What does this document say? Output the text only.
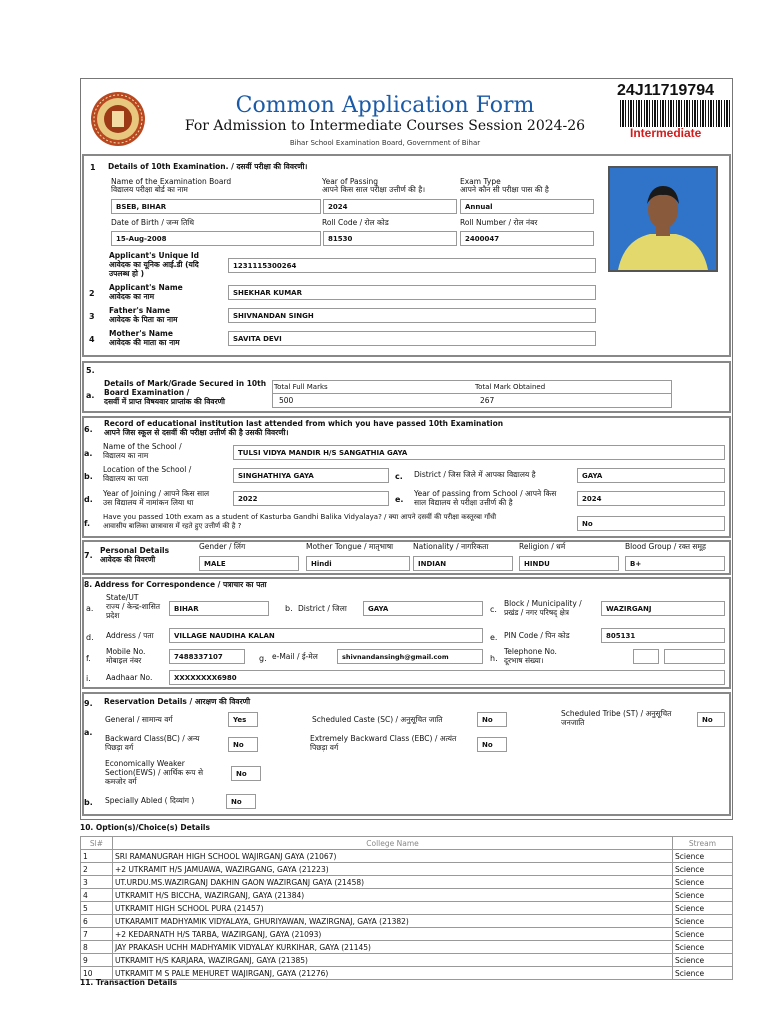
Common Application Form
For Admission to Intermediate Courses Session 2024-26
Bihar School Examination Board, Government of Bihar
24J11719794
Intermediate
1 Details of 10th Examination. / दसवीं परीक्षा की विवरणी।
Name of the Examination Board
विद्यालय परीक्षा बोर्ड का नाम
BSEB, BIHAR
Year of Passing
आपने किस साल परीक्षा उत्तीर्ण की है।
2024
Exam Type
आपने कौन सी परीक्षा पास की है
Annual
Date of Birth / जन्म तिथि
15-Aug-2008
Roll Code / रोल कोड
81530
Roll Number / रोल नंबर
2400047
Applicant's Unique Id
आवेदक का यूनिक आई.डी (यदि
उपलब्ध हो )
1231115300264
2
Applicant's Name
आवेदक का नाम	SHEKHAR KUMAR
3
Father's Name
आवेदक के पिता का नाम	SHIVNANDAN SINGH
4
Mother's Name
आवेदक की माता का नाम	SAVITA DEVI
5.
a.
Details of Mark/Grade Secured in 10th
Board Examination /
दसवीं में प्राप्त विषयवार प्राप्तांक की विवरणी
Total Full Marks
500
Total Mark Obtained
267
6.
Record of educational institution last attended from which you have passed 10th Examination
आपने जिस स्कूल से दसवीं की परीक्षा उत्तीर्ण की है उसकी विवरणी।
a.
Name of the School /
विद्यालय का नाम	TULSI VIDYA MANDIR H/S SANGATHIA GAYA
b.
Location of the School /
विद्यालय का पता	SINGHATHIYA GAYA	c. District / जिस जिले में आपका विद्यालय है	GAYA
d.
Year of Joining / आपने किस साल
उस विद्यालय में नामांकन लिया था	2022	e.
Year of passing from School / आपने किस
साल विद्यालय से परीक्षा उत्तीर्ण की है	2024
f.
Have you passed 10th exam as a student of Kasturba Gandhi Balika Vidyalaya? / क्या आपने दसवीं की परीक्षा कस्तूरबा गाँधी
आवासीय बालिका छात्रावास में रहते हुए उत्तीर्ण की है ?	No
7.
Personal Details
आवेदक की विवरणी
Gender / लिंग
MALE
Mother Tongue / मातृभाषा
Hindi
Nationality / नागरिकता
INDIAN
Religion / धर्म
HINDU
Blood Group / रक्त समूह
B+
8. Address for Correspondence / पत्राचार का पता
a.
State/UT
राज्य / केन्द्र-शासित
प्रदेश
BIHAR	b. District / जिला	GAYA	c.
Block / Municipality /
प्रखंड / नगर परिषद् क्षेत्र	WAZIRGANJ
d. Address / पता	VILLAGE NAUDIHA KALAN	e. PIN Code / पिन कोड	805131
f.
Mobile No.
मोबाइल नंबर	7488337107	g. e-Mail / ई-मेल	shivnandansingh@gmail.com	h.
Telephone No.
दूरभाष संख्या।
i. Aadhaar No.	XXXXXXXX6980
9. Reservation Details / आरक्षण की विवरणी
a.
General / सामान्य वर्ग	Yes	Scheduled Caste (SC) / अनुसूचित जाति	No
Scheduled Tribe (ST) / अनुसूचित
जनजाति	No
Backward Class(BC) / अन्य
पिछड़ा वर्ग	No
Extremely Backward Class (EBC) / अत्यंत
पिछड़ा वर्ग	No
Economically Weaker
Section(EWS) / आर्थिक रूप से
कमजोर वर्ग
No
b. Specially Abled ( दिव्यांग )	No
10. Option(s)/Choice(s) Details
Sl#	College Name	Stream
1	SRI RAMANUGRAH HIGH SCHOOL WAJIRGANJ GAYA (21067)	Science
2	+2 UTKRAMIT H/S JAMUAWA, WAZIRGANG, GAYA (21223)	Science
3	UT.URDU.MS.WAZIRGANJ DAKHIN GAON WAZIRGANJ GAYA (21458)	Science
4	UTKRAMIT H/S BICCHA, WAZIRGANJ, GAYA (21384)	Science
5	UTKRAMIT HIGH SCHOOL PURA (21457)	Science
6	UTKARAMIT MADHYAMIK VIDYALAYA, GHURIYAWAN, WAZIRGNAJ, GAYA (21382)	Science
7	+2 KEDARNATH H/S TARBA, WAZIRGANJ, GAYA (21093)	Science
8	JAY PRAKASH UCHH MADHYAMIK VIDYALAY KURKIHAR, GAYA (21145)	Science
9	UTKRAMIT H/S KARJARA, WAZIRGANJ, GAYA (21385)	Science
10	UTKRAMIT M S PALE MEHURET WAJIRGANJ, GAYA (21276)	Science
11. Transaction Details
